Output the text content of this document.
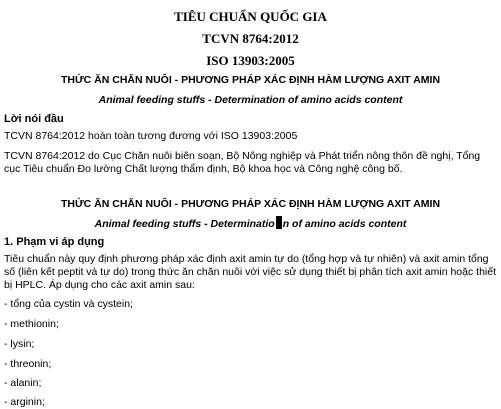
TIÊU CHUẨN QUỐC GIA
TCVN 8764:2012
ISO 13903:2005
THỨC ĂN CHĂN NUÔI - PHƯƠNG PHÁP XÁC ĐỊNH HÀM LƯỢNG AXIT AMIN
Animal feeding stuffs - Determination of amino acids content
Lời nói đầu
TCVN 8764:2012 hoàn toàn tương đương với ISO 13903:2005
TCVN 8764:2012 do Cục Chăn nuôi biên soạn, Bộ Nông nghiệp và Phát triển nông thôn đề nghị, Tổng cục Tiêu chuẩn Đo lường Chất lượng thẩm định, Bộ khoa học và Công nghệ công bố.
THỨC ĂN CHĂN NUÔI - PHƯƠNG PHÁP XÁC ĐỊNH HÀM LƯỢNG AXIT AMIN
Animal feeding stuffs - Determinatio n of amino acids content
1. Phạm vi áp dụng
Tiêu chuẩn này quy định phương pháp xác định axit amin tự do (tổng hợp và tự nhiên) và axit amin tổng số (liên kết peptit và tự do) trong thức ăn chăn nuôi với việc sử dụng thiết bị phân tích axit amin hoặc thiết bị HPLC. Áp dụng cho các axit amin sau:
- tổng của cystin và cystein;
- methionin;
- lysin;
- threonin;
- alanin;
- arginin;
